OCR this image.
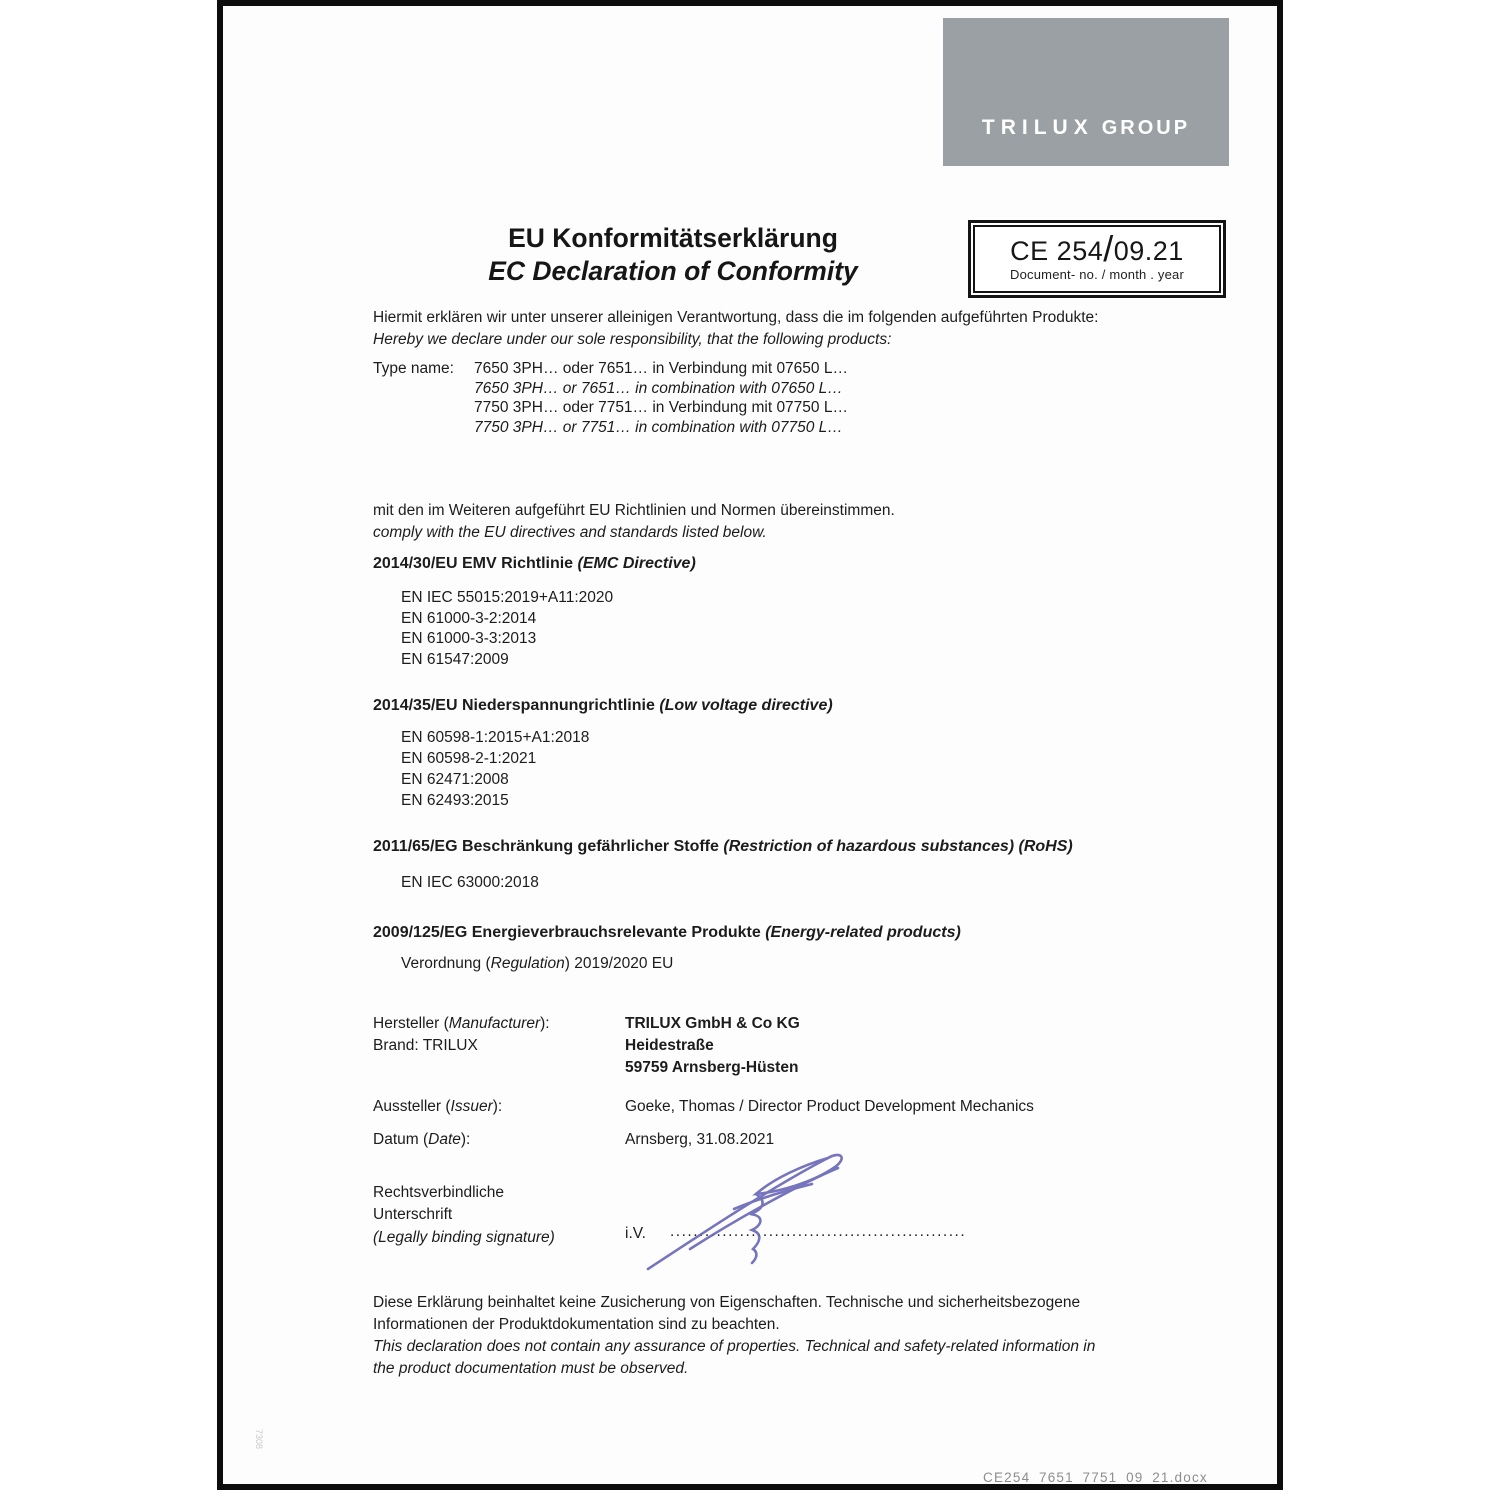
TRILUX GROUP
EU Konformitätserklärung
EC Declaration of Conformity
CE 254/09.21
Document- no. / month . year
Hiermit erklären wir unter unserer alleinigen Verantwortung, dass die im folgenden aufgeführten Produkte:
Hereby we declare under our sole responsibility, that the following products:
Type name: 7650 3PH… oder 7651… in Verbindung mit 07650 L…
7650 3PH… or 7651… in combination with 07650 L…
7750 3PH… oder 7751… in Verbindung mit 07750 L…
7750 3PH… or 7751… in combination with 07750 L…
mit den im Weiteren aufgeführt EU Richtlinien und Normen übereinstimmen.
comply with the EU directives and standards listed below.
2014/30/EU EMV Richtlinie (EMC Directive)
EN IEC 55015:2019+A11:2020
EN 61000-3-2:2014
EN 61000-3-3:2013
EN 61547:2009
2014/35/EU Niederspannungrichtlinie (Low voltage directive)
EN 60598-1:2015+A1:2018
EN 60598-2-1:2021
EN 62471:2008
EN 62493:2015
2011/65/EG Beschränkung gefährlicher Stoffe (Restriction of hazardous substances) (RoHS)
EN IEC 63000:2018
2009/125/EG Energieverbrauchsrelevante Produkte (Energy-related products)
Verordnung (Regulation) 2019/2020 EU
Hersteller (Manufacturer):	TRILUX GmbH & Co KG
Brand: TRILUX	Heidestraße
59759 Arnsberg-Hüsten
Aussteller (Issuer):	Goeke, Thomas / Director Product Development Mechanics
Datum (Date):	Arnsberg, 31.08.2021
Rechtsverbindliche
Unterschrift
(Legally binding signature)	i.V. ...................................................
Diese Erklärung beinhaltet keine Zusicherung von Eigenschaften. Technische und sicherheitsbezogene
Informationen der Produktdokumentation sind zu beachten.
This declaration does not contain any assurance of properties. Technical and safety-related information in
the product documentation must be observed.
CE254_7651_7751_09_21.docx
7308
